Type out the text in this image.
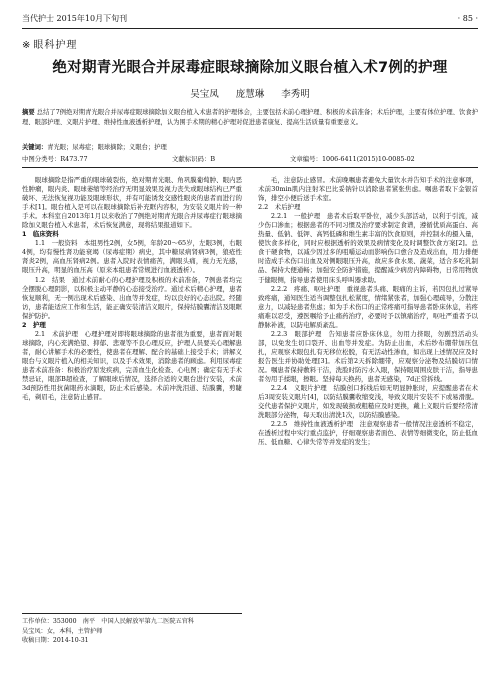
当代护士 2015年10月下旬刊	· 85 ·
※ 眼科护理
绝对期青光眼合并尿毒症眼球摘除加义眼台植入术7例的护理
吴宝凤 庞慧琳 李秀明
摘要 总结了7例绝对期青光眼合并尿毒症眼球摘除加义眼台植入术患者的护理体会，主要包括术前心理护理、积极的术前准备；术后护理，主要有体位护理、饮食护理、眼部护理、义眼片护理、维持性血液透析护理，认为围手术期的精心护理对促进患者康复、提高生活质量有重要意义。
关键词：青光眼；尿毒症；眼球摘除；义眼台；护理
中图分类号：R473.77	文献标识码：B	文章编号：1006-6411(2015)10-0085-02

眼球摘除是指严重的眼球破裂伤，绝对期青光眼、角巩膜葡萄肿、眼内恶性肿瘤，眼内炎、眼球萎缩等经治疗无明显效果及视力丧失或眼球结构已严重破坏、无法恢复视功能及眼球形状，并有可能诱发交感性眼炎的患者而进行的手术[1]。眼台植入是可以在眼球摘除后补充眶内容积，为安装义眼片的一种手术。本科室自2013年1月以来收治了7例绝对期青光眼合并尿毒症行眼球摘除加义眼台植入术患者，术后恢复满意，现将结果报道如下。

1　临床资料

1.1　一般资料　本组男性2例，女5例，年龄20～65岁，左眼3例，右眼4例，均有慢性肾功能衰竭（尿毒症期）病史，其中糖尿病肾病3例，狼疮性肾炎2例，高血压肾病2例。患者入院时表情痛苦，满眼头痛，视力无光感，眼压升高，明显的血压高（原来本组患者常规进行血液透析）。

1.2　结果　通过术前耐心的心理护理及积极的术前准备，7例患者均完全摆脱心理阴影，以积极主动平静的心态接受治疗。通过术后精心护理，患者恢复顺利，无一例出现术后感染、出血等并发症，均以良好的心态出院。经随访，患者能适应工作和生活，能正确安装清洁义眼片，保持结膜囊清洁及眼眶保护防护。

2　护理

2.1　术前护理　心理护理对即将眼球摘除的患者很为重要，患者面对眼球摘除，内心充满绝望、抑郁、悲观等不良心理反应，护理人员要关心理解患者，耐心讲解手术的必要性，使患者在理解、配合的基础上接受手术；讲解义眼台与义眼片植入的相关知识，以及手术效果，消除患者的顾虑。利用尿毒症患者术前准备：积极治疗原发疾病，完善血生化检查、心电图；确定有无手术禁忌证，眼部B超检查，了解眼球后情况，选择合适的义眼台进行安装，术前3d预防性用抗菌眼药水滴眼，防止术后感染。术前冲洗泪道、结膜囊，剪睫毛，剃眉毛，注意防止感冒。

毛，注意防止感冒。术前晚嘱患者避免大量饮水并告知手术的注意事项，术前30min肌内注射苯巴比妥钠针以消除患者紧张焦虑。嘱患者取下金银首饰，排空小便后送手术室。

2.2　术后护理

2.2.1　一般护理　患者术后取平卧位，减少头部活动，以利于引流，减少伤口渗血；根据患者的不同习惯及治疗要求制定食谱，遵循优质高蛋白、高热量、低钠、低钾、高钙低磷和维生素丰富的饮食原则，并控制水的摄入量，使饮食多样化，同时应根据透析的效果及病情变化及时调整饮食方案[2]。总食干硬食物，以减少因过多的咀嚼运动而影响伤口愈合及造成出血，用力排便时造成手术伤口出血及对侧眼眼压升高，故应多食水果、蔬菜，适合多吃乳制品、保持大便通畅；加强安全防护措施，提醒减少病房内障碍物，日常用物放于健眼侧，指导患者使用床头呼叫器求助。

2.2.2　疼痛、呕吐护理　重视患者头痛、眼痛的主诉，若因包扎过紧导致疼痛，通知医生适当调整包扎松紧度，情绪紧张者，加强心理疏导，分散注意力，以减轻患者焦虑；如为手术伤口的正常疼痛可指导患者卧床休息，若疼痛难以忍受，遵医嘱给予止痛药治疗，必要时予以镇痛治疗，呕吐严重者予以静脉补液，以防电解质紊乱。

2.2.3　眼部护理　告知患者应卧床休息，勿用力挤眼，勿剧烈活动头部，以免发生切口裂开、出血等并发症。为防止出血，术后纱布绷带加压包扎，应观察术眼包扎有无移位松脱，有无活动性渗血，如出现上述情况应及时报告医生并协助处理[3]。术后第2天拆除绷带，应观察分泌物及结膜切口情况。嘱患者保持敷料干洁，洗脸时防污水入眼，保持眼周围皮肤干洁，指导患者勿用手揉眼，擦眼。坚持每天换药，患者无感染，7d正常拆线。

2.2.4　义眼片护理　结膜创口拆线后如无明显肿胀时，应提醒患者在术后3周安装义眼片[4]，以防结膜囊收缩变浅，导致义眼片安装不下或易滑脱。交代患者保护义眼片，如发现破损或粗糙应及时更换，戴上义眼片后要经常清洗眼部分泌物，每天取出清洗1次，以防结膜感染。

2.2.5　维持性血液透析护理　注意观察患者一般情况注意透析不稳定，在透析过程中实行重点监护，仔细观察患者面色、表情等细微变化，防止低血压、低血糖、心律失常等并发症的发生；

工作单位：353000　南平　中国人民解放军第九二医院五官科
吴宝凤：女，本科，主管护师
收稿日期：2014-10-31
